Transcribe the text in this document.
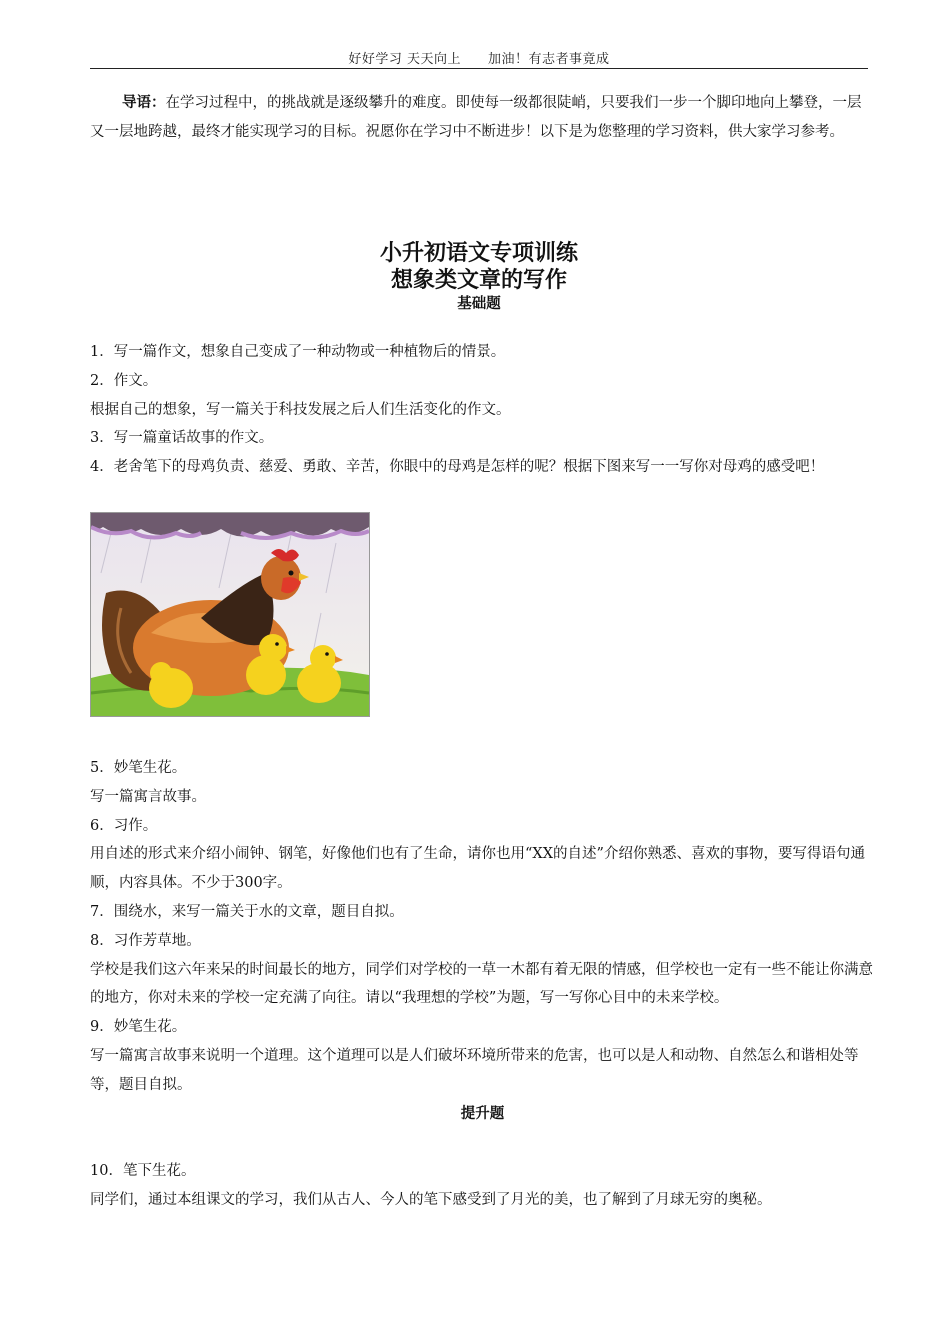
好好学习 天天向上　　加油！有志者事竟成
导语：在学习过程中，的挑战就是逐级攀升的难度。即使每一级都很陡峭，只要我们一步一个脚印地向上攀登，一层又一层地跨越，最终才能实现学习的目标。祝愿你在学习中不断进步！以下是为您整理的学习资料，供大家学习参考。
小升初语文专项训练
想象类文章的写作
基础题

1．写一篇作文，想象自己变成了一种动物或一种植物后的情景。

2．作文。

根据自己的想象，写一篇关于科技发展之后人们生活变化的作文。

3．写一篇童话故事的作文。

4．老舍笔下的母鸡负责、慈爱、勇敢、辛苦，你眼中的母鸡是怎样的呢？根据下图来写一一写你对母鸡的感受吧！

5．妙笔生花。

写一篇寓言故事。

6．习作。

用自述的形式来介绍小闹钟、钢笔，好像他们也有了生命，请你也用“XX的自述”介绍你熟悉、喜欢的事物，要写得语句通顺，内容具体。不少于300字。

7．围绕水，来写一篇关于水的文章，题目自拟。

8．习作芳草地。

学校是我们这六年来呆的时间最长的地方，同学们对学校的一草一木都有着无限的情感，但学校也一定有一些不能让你满意的地方，你对未来的学校一定充满了向往。请以“我理想的学校”为题，写一写你心目中的未来学校。

9．妙笔生花。

写一篇寓言故事来说明一个道理。这个道理可以是人们破坏环境所带来的危害，也可以是人和动物、自然怎么和谐相处等等，题目自拟。

提升题

10．笔下生花。

同学们，通过本组课文的学习，我们从古人、今人的笔下感受到了月光的美，也了解到了月球无穷的奥秘。
